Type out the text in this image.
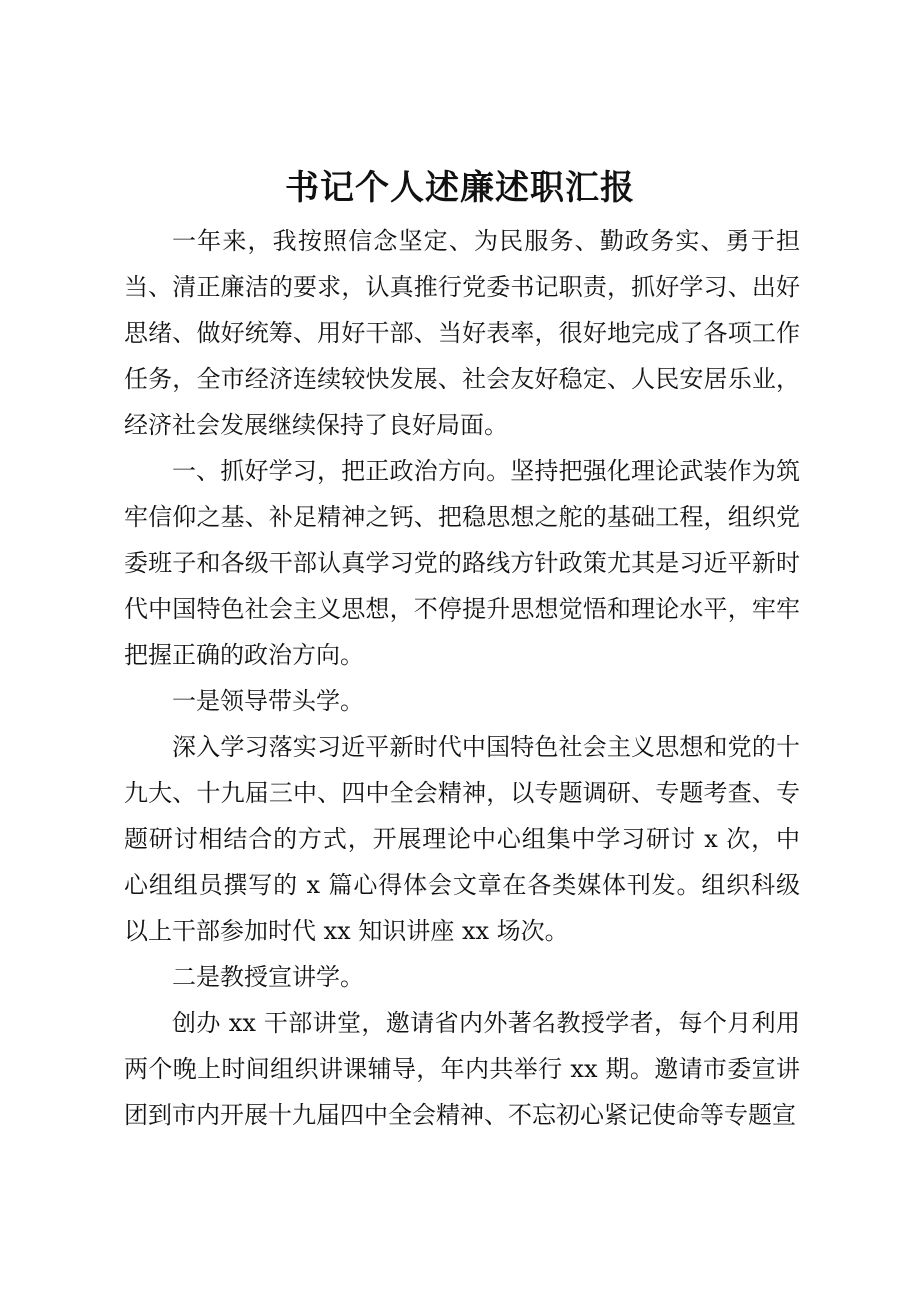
书记个人述廉述职汇报

一年来，我按照信念坚定、为民服务、勤政务实、勇于担当、清正廉洁的要求，认真推行党委书记职责，抓好学习、出好思绪、做好统筹、用好干部、当好表率，很好地完成了各项工作任务，全市经济连续较快发展、社会友好稳定、人民安居乐业，经济社会发展继续保持了良好局面。

一、抓好学习，把正政治方向。坚持把强化理论武装作为筑牢信仰之基、补足精神之钙、把稳思想之舵的基础工程，组织党委班子和各级干部认真学习党的路线方针政策尤其是习近平新时代中国特色社会主义思想，不停提升思想觉悟和理论水平，牢牢把握正确的政治方向。

一是领导带头学。

深入学习落实习近平新时代中国特色社会主义思想和党的十九大、十九届三中、四中全会精神，以专题调研、专题考查、专题研讨相结合的方式，开展理论中心组集中学习研讨 x 次，中心组组员撰写的 x 篇心得体会文章在各类媒体刊发。组织科级以上干部参加时代 xx 知识讲座 xx 场次。

二是教授宣讲学。

创办 xx 干部讲堂，邀请省内外著名教授学者，每个月利用两个晚上时间组织讲课辅导，年内共举行 xx 期。邀请市委宣讲团到市内开展十九届四中全会精神、不忘初心紧记使命等专题宣
